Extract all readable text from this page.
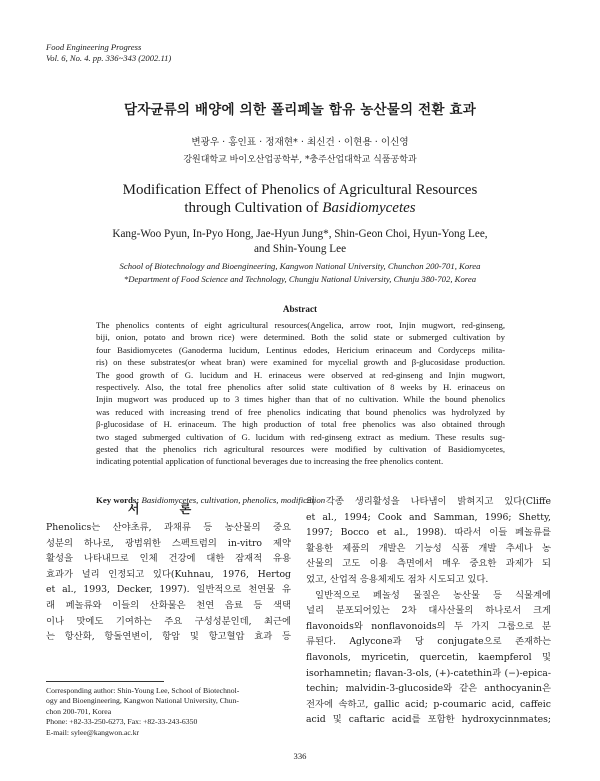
Food Engineering Progress
Vol. 6, No. 4. pp. 336~343 (2002.11)
담자균류의 배양에 의한 폴리페놀 함유 농산물의 전환 효과
변광우 · 홍인표 · 정재현* · 최신건 · 이현용 · 이신영
강원대학교 바이오산업공학부, *충주산업대학교 식품공학과
Modification Effect of Phenolics of Agricultural Resources
through Cultivation of Basidiomycetes
Kang-Woo Pyun, In-Pyo Hong, Jae-Hyun Jung*, Shin-Geon Choi, Hyun-Yong Lee,
and Shin-Young Lee
School of Biotechnology and Bioengineering, Kangwon National University, Chunchon 200-701, Korea
*Department of Food Science and Technology, Chungju National University, Chunju 380-702, Korea
Abstract
The phenolics contents of eight agricultural resources(Angelica, arrow root, Injin mugwort, red-ginseng,
biji, onion, potato and brown rice) were determined. Both the solid state or submerged cultivation by
four Basidiomycetes (Ganoderma lucidum, Lentinus edodes, Hericium erinaceum and Cordyceps milita-
ris) on these substrates(or wheat bran) were examined for mycelial growth and β-glucosidase production.
The good growth of G. lucidum and H. erinaceus were observed at red-ginseng and Injin mugwort,
respectively. Also, the total free phenolics after solid state cultivation of 8 weeks by H. erinaceus on
Injin mugwort was produced up to 3 times higher than that of no cultivation. While the bound phenolics
was reduced with increasing trend of free phenolics indicating that bound phenolics was hydrolyzed by
β-glucosidase of H. erinaceum. The high production of total free phenolics was also obtained through
two staged submerged cultivation of G. lucidum with red-ginseng extract as medium. These results sug-
gested that the phenolics rich agricultural resources were modified by cultivation of Basidiomycetes,
indicating potential application of functional beverages due to increasing the free phenolics content.
Key words: Basidiomycetes, cultivation, phenolics, modification
서 론
Phenolics는 산야초류, 과채류 등 농산물의 중요
성분의 하나로, 광범위한 스펙트럼의 in-vitro 제약
활성을 나타내므로 인체 건강에 대한 잠재적 유용
효과가 널리 인정되고 있다(Kuhnau, 1976, Hertog
et al., 1993, Decker, 1997). 일반적으로 천연물 유
래 페놀류와 이들의 산화물은 천연 음료 등 색택
이나 맛에도 기여하는 주요 구성성분인데, 최근에
는 항산화, 항돌연변이, 항암 및 항고혈압 효과 등
의 각종 생리활성을 나타냄이 밝혀지고 있다(Cliffe
et al., 1994; Cook and Samman, 1996; Shetty,
1997; Bocco et al., 1998). 따라서 이들 페놀류를
활용한 제품의 개발은 기능성 식품 개발 추세나 농
산물의 고도 이용 측면에서 매우 중요한 과제가 되
었고, 산업적 응용체제도 점차 시도되고 있다.
일반적으로 페놀성 물질은 농산물 등 식물계에
널리 분포되어있는 2차 대사산물의 하나로서 크게
flavonoids와 nonflavonoids의 두 가지 그룹으로 분
류된다. Aglycone과 당 conjugate으로 존재하는
flavonols, myricetin, quercetin, kaempferol 및
isorhamnetin; flavan-3-ols, (+)-catethin과 (−)-epica-
techin; malvidin-3-glucoside와 같은 anthocyanin은
전자에 속하고, gallic acid; p-coumaric acid, caffeic
acid 및 caftaric acid를 포함한 hydroxycinnmates;
Corresponding author: Shin-Young Lee, School of Biotechnol-
ogy and Bioengineering, Kangwon National University, Chun-
chon 200-701, Korea
Phone: +82-33-250-6273, Fax: +82-33-243-6350
E-mail: sylee@kangwon.ac.kr
336
